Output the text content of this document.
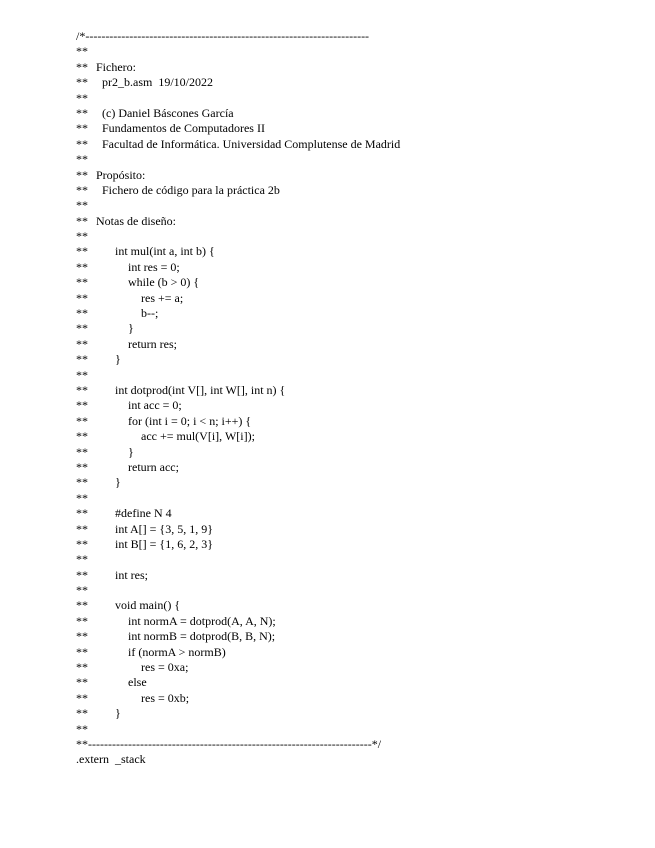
/*-----------------------------------------------------------------------

**

**

Fichero:

**

pr2_b.asm  19/10/2022

**

**

(c) Daniel Báscones García

**

Fundamentos de Computadores II

**

Facultad de Informática. Universidad Complutense de Madrid

**

**

Propósito:

**

Fichero de código para la práctica 2b

**

**

Notas de diseño:

**

**

int mul(int a, int b) {

**

	int res = 0;

**

	while (b > 0) {

**

	res += a;

**

	b--;

**

	}

**

	return res;

**

}

**

**

int dotprod(int V[], int W[], int n) {

**

	int acc = 0;

**

	for (int i = 0; i < n; i++) {

**

	acc += mul(V[i], W[i]);

**

	}

**

	return acc;

**

}

**

**

#define N 4

**

int A[] = {3, 5, 1, 9}

**

int B[] = {1, 6, 2, 3}

**

**

int res;

**

**

void main() {

**

	int normA = dotprod(A, A, N);

**

	int normB = dotprod(B, B, N);

**

	if (normA > normB)

**

	res = 0xa;

**

	else

**

	res = 0xb;

**

}

**

**-----------------------------------------------------------------------*/

.extern  _stack
